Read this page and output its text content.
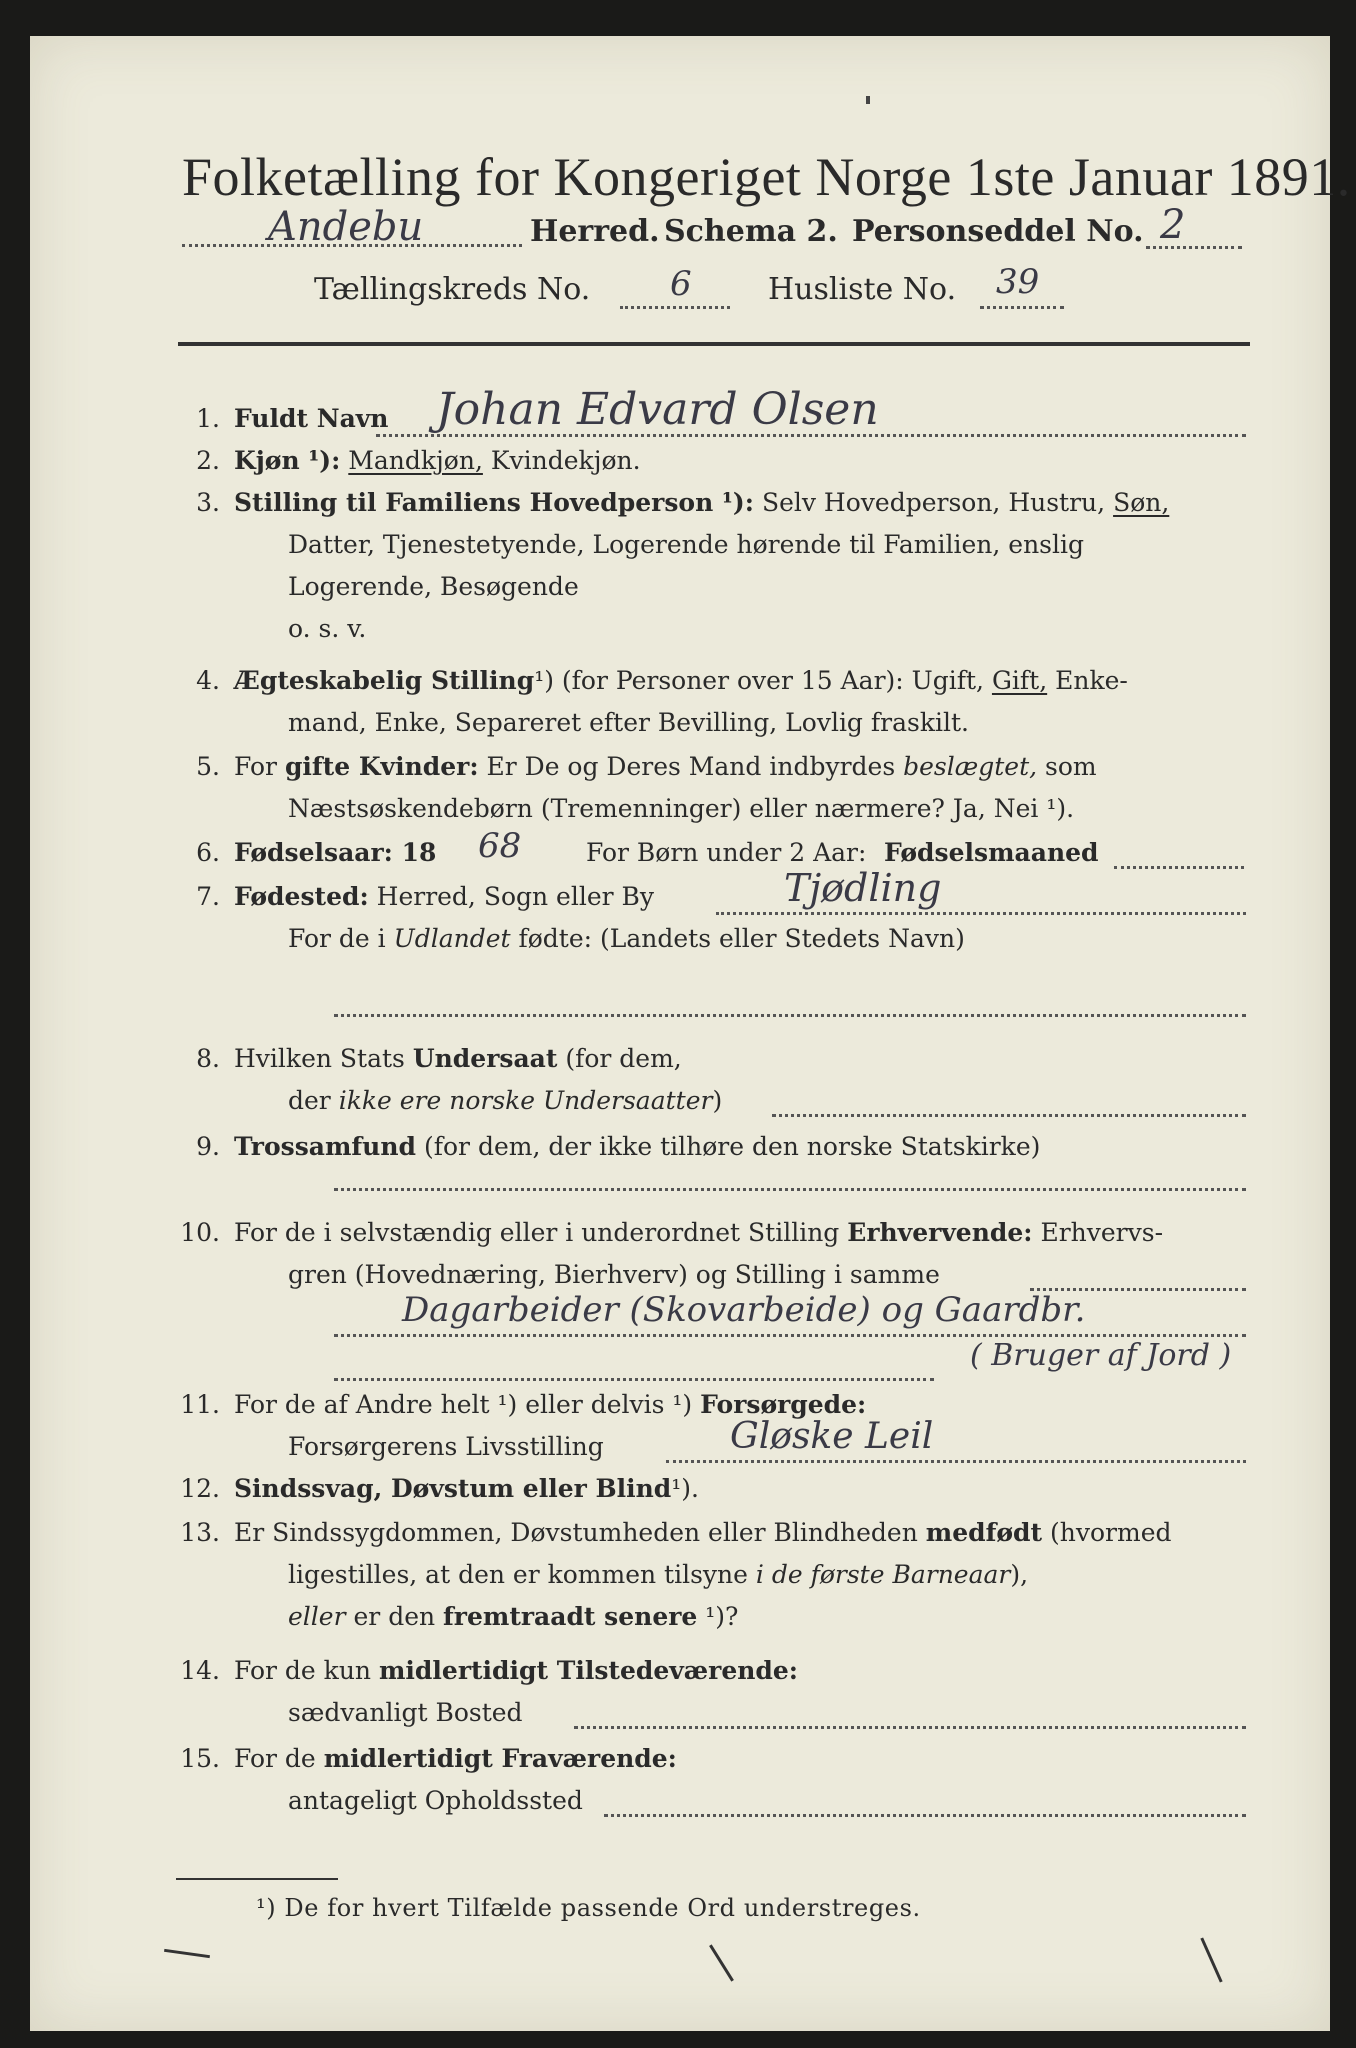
Folketælling for Kongeriget Norge 1ste Januar 1891.
Andebu	Herred. Schema 2. Personseddel No. 2
Tællingskreds No. 6	Husliste No. 39
1. Fuldt Navn Johan Edvard Olsen
2. Kjøn ¹): Mandkjøn, Kvindekjøn.
3. Stilling til Familiens Hovedperson ¹): Selv Hovedperson, Hustru, Søn,
Datter, Tjenestetyende, Logerende hørende til Familien, enslig
Logerende, Besøgende
o. s. v.
4. Ægteskabelig Stilling¹) (for Personer over 15 Aar): Ugift, Gift, Enke-
mand, Enke, Separeret efter Bevilling, Lovlig fraskilt.
5. For gifte Kvinder: Er De og Deres Mand indbyrdes beslægtet, som
Næstsøskendebørn (Tremenninger) eller nærmere? Ja, Nei ¹).
6. Fødselsaar: 18 68	For Børn under 2 Aar: Fødselsmaaned
7. Fødested: Herred, Sogn eller By	Tjødling
For de i Udlandet fødte: (Landets eller Stedets Navn)
8. Hvilken Stats Undersaat (for dem,
der ikke ere norske Undersaatter)
9. Trossamfund (for dem, der ikke tilhøre den norske Statskirke)
10. For de i selvstændig eller i underordnet Stilling Erhvervende: Erhvervs-
gren (Hovednæring, Bierhverv) og Stilling i samme
Dagarbeider (Skovarbeide) og Gaardbr.
( Bruger af Jord )
11. For de af Andre helt ¹) eller delvis ¹) Forsørgede:
Forsørgerens Livsstilling	Gløske Leil
12. Sindssvag, Døvstum eller Blind¹).
13. Er Sindssygdommen, Døvstumheden eller Blindheden medfødt (hvormed
ligestilles, at den er kommen tilsyne i de første Barneaar),
eller er den fremtraadt senere ¹)?
14. For de kun midlertidigt Tilstedeværende:
sædvanligt Bosted
15. For de midlertidigt Fraværende:
antageligt Opholdssted
¹) De for hvert Tilfælde passende Ord understreges.
